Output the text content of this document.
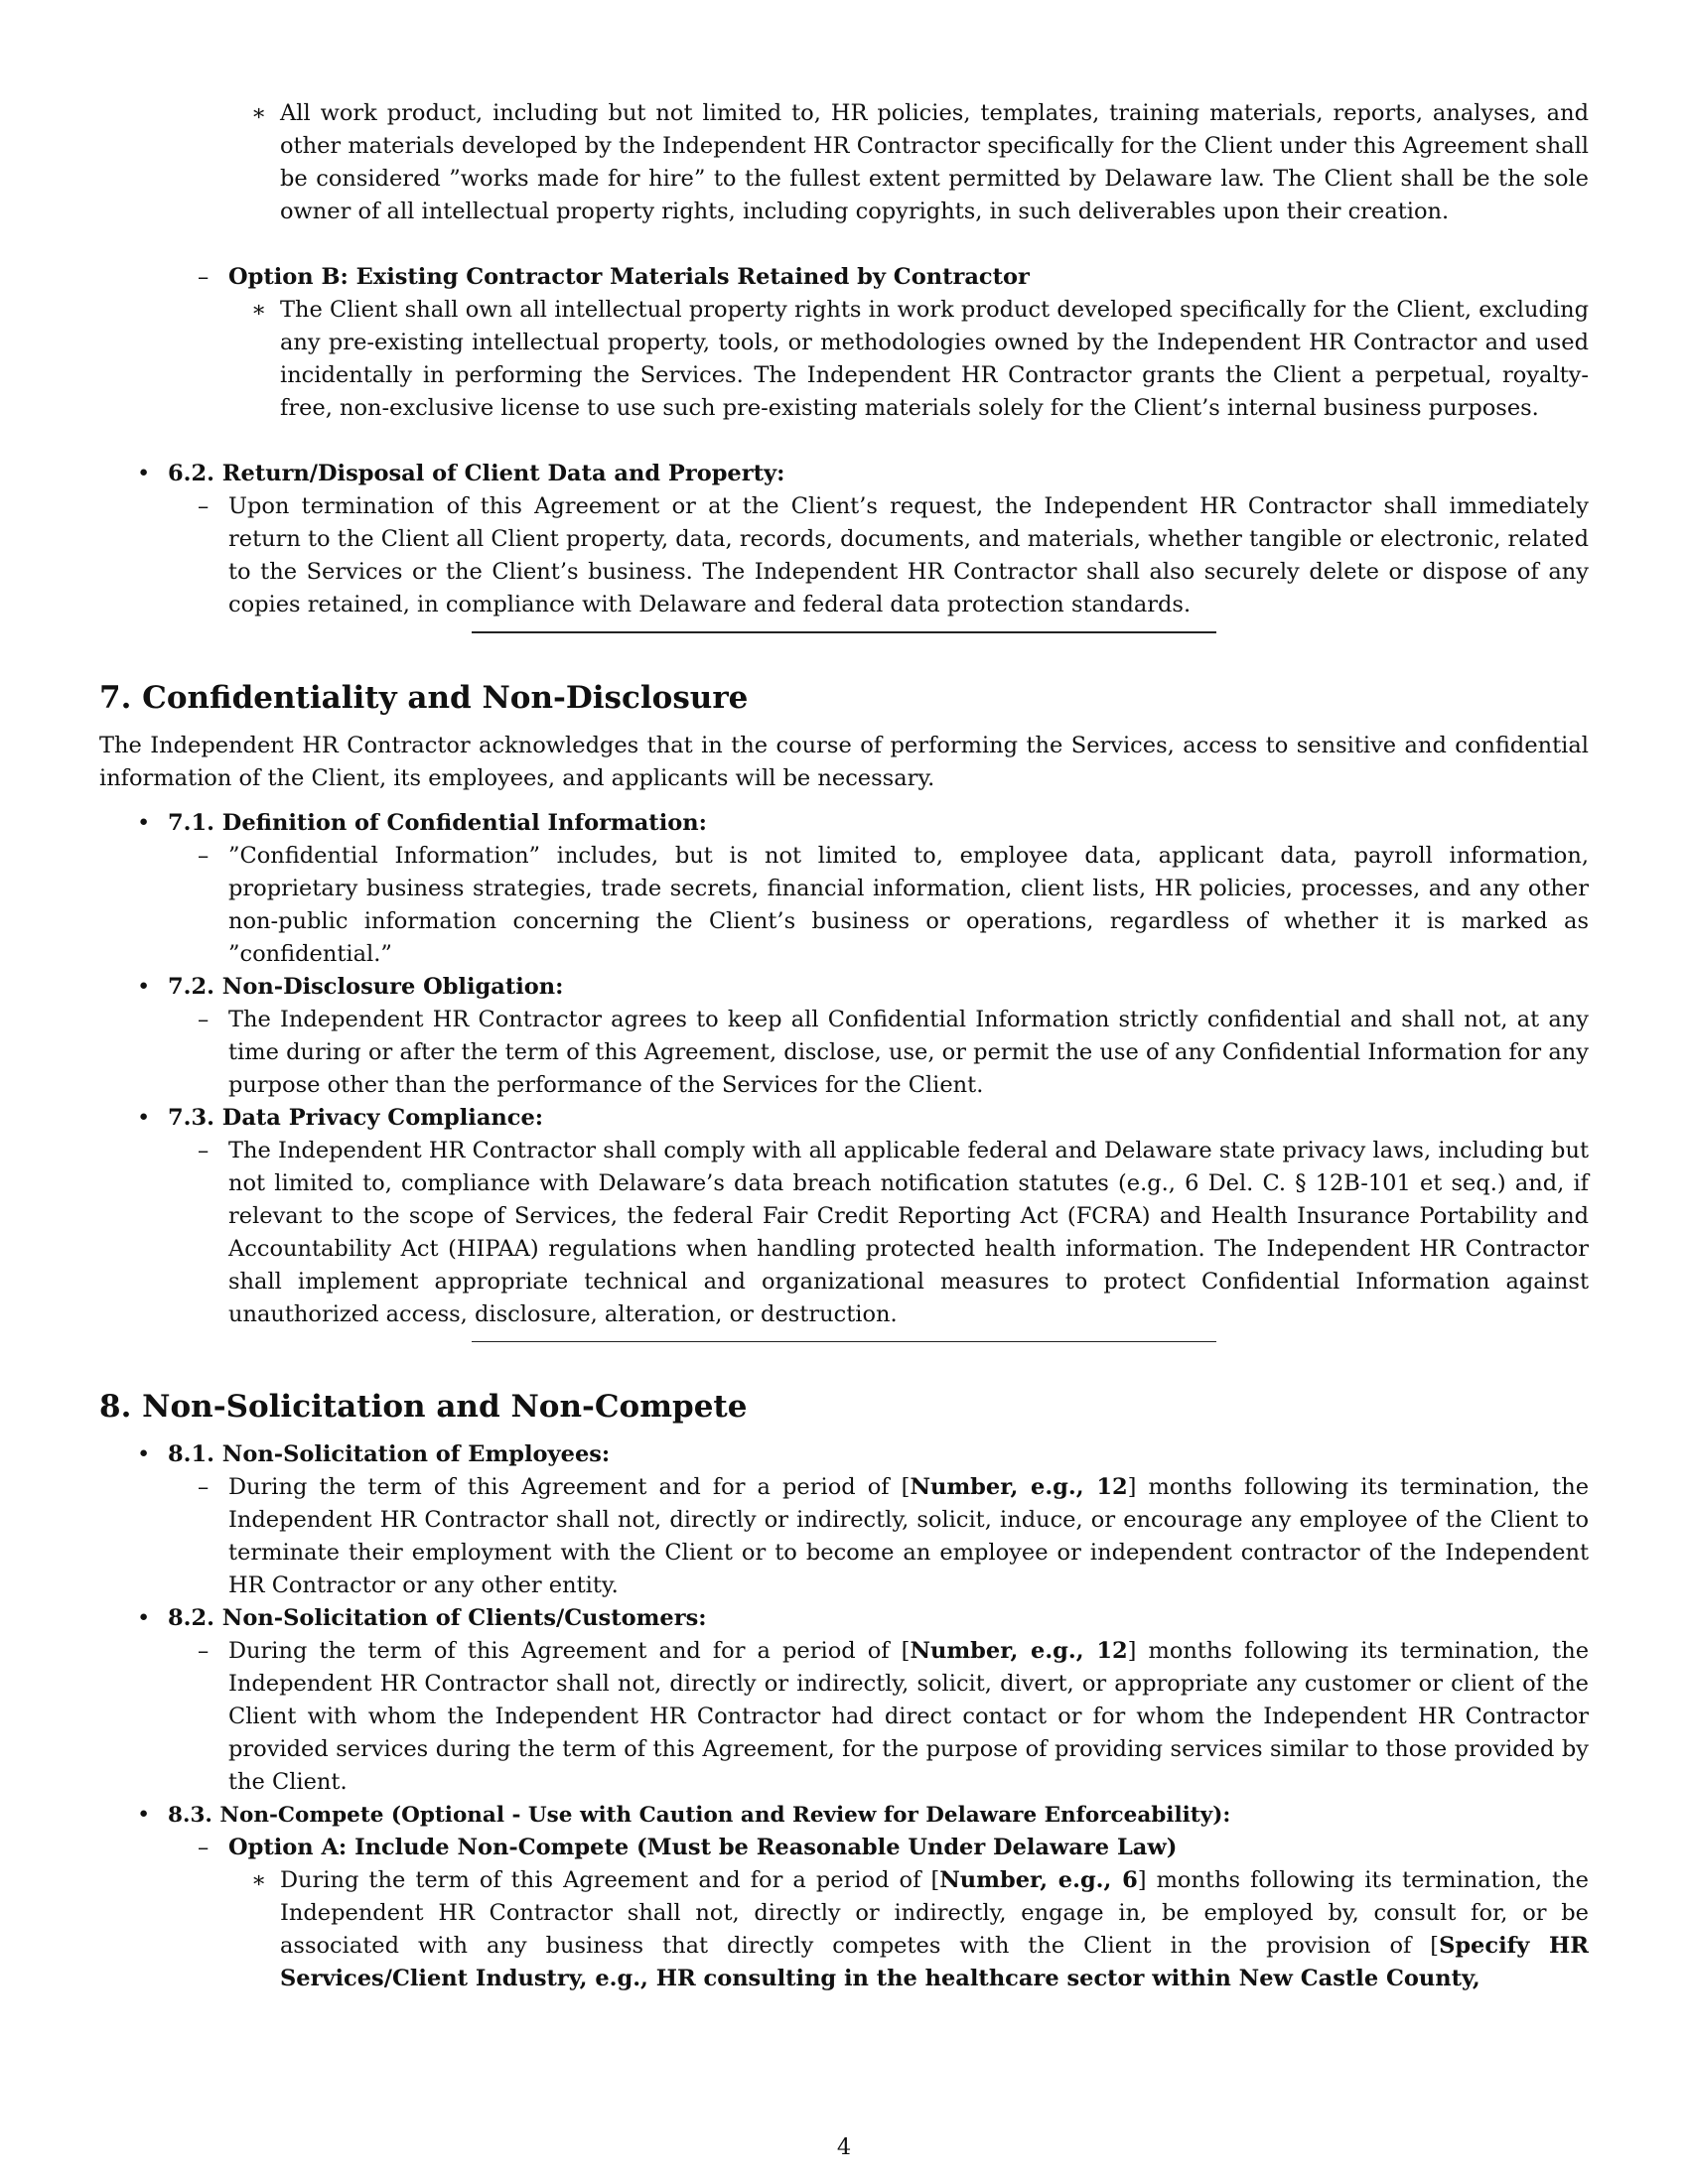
∗ All work product, including but not limited to, HR policies, templates, training materials, reports, analyses, and other materials developed by the Independent HR Contractor specifically for the Client under this Agreement shall be considered ”works made for hire” to the fullest extent permitted by Delaware law. The Client shall be the sole owner of all intellectual property rights, including copyrights, in such deliverables upon their creation.

– Option B: Existing Contractor Materials Retained by Contractor

∗ The Client shall own all intellectual property rights in work product developed specifically for the Client, excluding any pre-existing intellectual property, tools, or methodologies owned by the Independent HR Contractor and used incidentally in performing the Services. The Independent HR Contractor grants the Client a perpetual, royalty-free, non-exclusive license to use such pre-existing materials solely for the Client’s internal business purposes.

• 6.2. Return/Disposal of Client Data and Property:

– Upon termination of this Agreement or at the Client’s request, the Independent HR Contractor shall immediately return to the Client all Client property, data, records, documents, and materials, whether tangible or electronic, related to the Services or the Client’s business. The Independent HR Contractor shall also securely delete or dispose of any copies retained, in compliance with Delaware and federal data protection standards.

7. Confidentiality and Non-Disclosure

The Independent HR Contractor acknowledges that in the course of performing the Services, access to sensitive and confidential information of the Client, its employees, and applicants will be necessary.

• 7.1. Definition of Confidential Information:

– ”Confidential Information” includes, but is not limited to, employee data, applicant data, payroll information, proprietary business strategies, trade secrets, financial information, client lists, HR policies, processes, and any other non-public information concerning the Client’s business or operations, regardless of whether it is marked as ”confidential.”

• 7.2. Non-Disclosure Obligation:

– The Independent HR Contractor agrees to keep all Confidential Information strictly confidential and shall not, at any time during or after the term of this Agreement, disclose, use, or permit the use of any Confidential Information for any purpose other than the performance of the Services for the Client.

• 7.3. Data Privacy Compliance:

– The Independent HR Contractor shall comply with all applicable federal and Delaware state privacy laws, including but not limited to, compliance with Delaware’s data breach notification statutes (e.g., 6 Del. C. § 12B-101 et seq.) and, if relevant to the scope of Services, the federal Fair Credit Reporting Act (FCRA) and Health Insurance Portability and Accountability Act (HIPAA) regulations when handling protected health information. The Independent HR Contractor shall implement appropriate technical and organizational measures to protect Confidential Information against unauthorized access, disclosure, alteration, or destruction.

8. Non-Solicitation and Non-Compete
• 8.1. Non-Solicitation of Employees:

– During the term of this Agreement and for a period of [Number, e.g., 12] months following its termination, the Independent HR Contractor shall not, directly or indirectly, solicit, induce, or encourage any employee of the Client to terminate their employment with the Client or to become an employee or independent contractor of the Independent HR Contractor or any other entity.

• 8.2. Non-Solicitation of Clients/Customers:

– During the term of this Agreement and for a period of [Number, e.g., 12] months following its termination, the Independent HR Contractor shall not, directly or indirectly, solicit, divert, or appropriate any customer or client of the Client with whom the Independent HR Contractor had direct contact or for whom the Independent HR Contractor provided services during the term of this Agreement, for the purpose of providing services similar to those provided by the Client.

• 8.3. Non-Compete (Optional - Use with Caution and Review for Delaware Enforceability):

– Option A: Include Non-Compete (Must be Reasonable Under Delaware Law)

∗ During the term of this Agreement and for a period of [Number, e.g., 6] months following its termination, the Independent HR Contractor shall not, directly or indirectly, engage in, be employed by, consult for, or be associated with any business that directly competes with the Client in the provision of [Specify HR Services/Client Industry, e.g., HR consulting in the healthcare sector within New Castle County,

4
